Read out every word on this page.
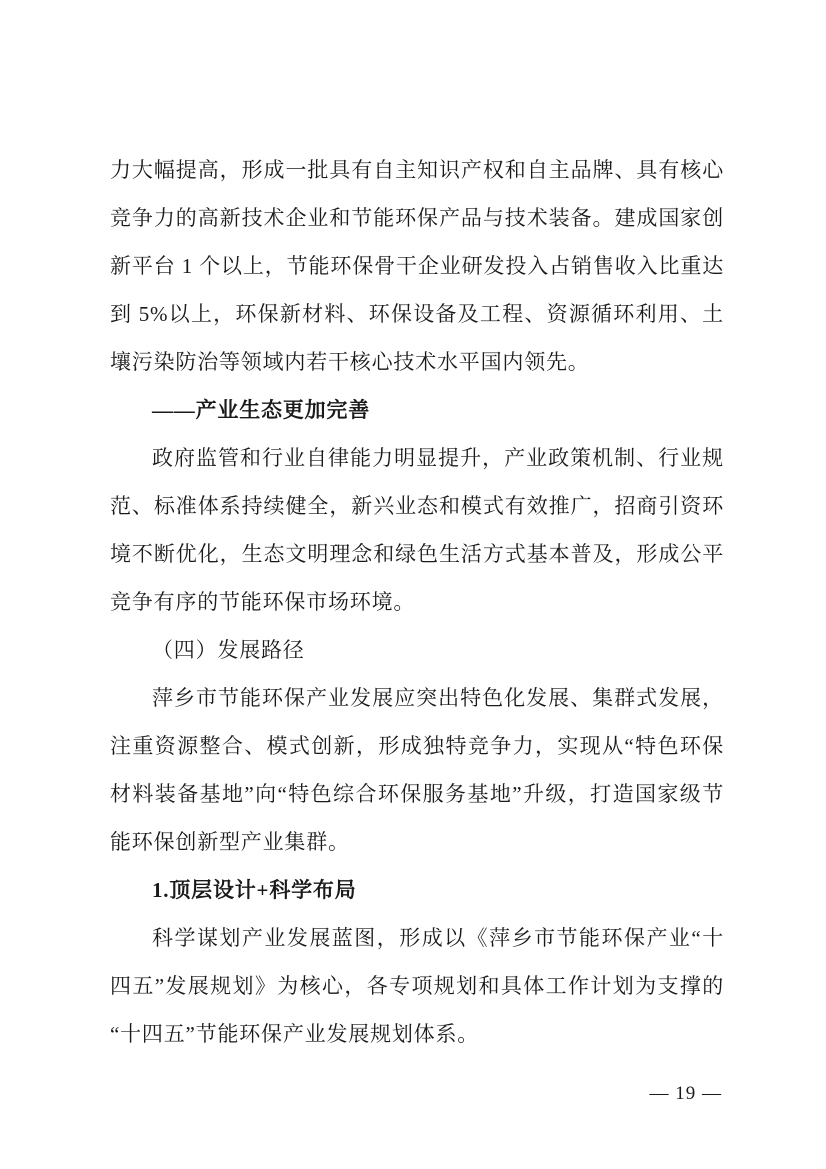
力大幅提高，形成一批具有自主知识产权和自主品牌、具有核心竞争力的高新技术企业和节能环保产品与技术装备。建成国家创新平台 1 个以上，节能环保骨干企业研发投入占销售收入比重达到 5%以上，环保新材料、环保设备及工程、资源循环利用、土壤污染防治等领域内若干核心技术水平国内领先。

——产业生态更加完善

政府监管和行业自律能力明显提升，产业政策机制、行业规范、标准体系持续健全，新兴业态和模式有效推广，招商引资环境不断优化，生态文明理念和绿色生活方式基本普及，形成公平竞争有序的节能环保市场环境。

（四）发展路径

萍乡市节能环保产业发展应突出特色化发展、集群式发展，注重资源整合、模式创新，形成独特竞争力，实现从“特色环保材料装备基地”向“特色综合环保服务基地”升级，打造国家级节能环保创新型产业集群。

1.顶层设计+科学布局

科学谋划产业发展蓝图，形成以《萍乡市节能环保产业“十四五”发展规划》为核心，各专项规划和具体工作计划为支撑的“十四五”节能环保产业发展规划体系。

— 19 —
